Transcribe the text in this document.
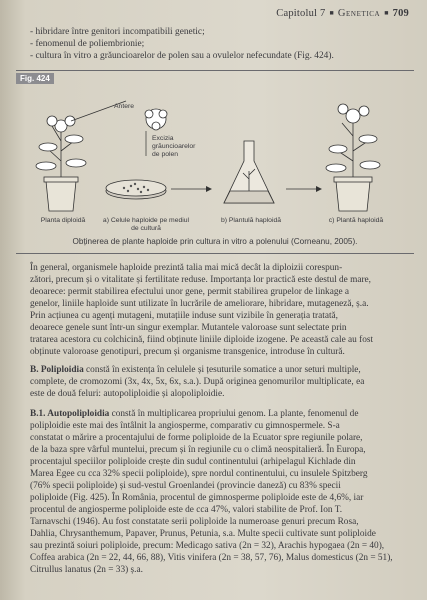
Capitolul 7 ■ Genetica ■ 709
- hibridare între genitori incompatibili genetic;
- fenomenul de poliembrionie;
- cultura în vitro a grăuncioarelor de polen sau a ovulelor nefecundate (Fig. 424).
Fig. 424
Antere
Excizia
grăuncioarelor
de polen
Planta diploidă	a) Celule haploide pe mediul
de cultură
b) Plantulă haploidă	c) Plantă haploidă
Obținerea de plante haploide prin cultura in vitro a polenului (Corneanu, 2005).
În general, organismele haploide prezintă talia mai mică decât la diploizii corespun-
zători, precum și o vitalitate și fertilitate reduse. Importanța lor practică este destul de mare,
deoarece: permit stabilirea efectului unor gene, permit stabilirea grupelor de linkage a
genelor, liniile haploide sunt utilizate în lucrările de ameliorare, hibridare, mutageneză, ș.a.
Prin acțiunea cu agenți mutageni, mutațiile induse sunt vizibile în generația tratată,
deoarece genele sunt într-un singur exemplar. Mutantele valoroase sunt selectate prin
tratarea acestora cu colchicină, fiind obținute liniile diploide izogene. Pe această cale au fost
obținute valoroase genotipuri, precum și organisme transgenice, introduse în cultură.
B. Poliploidia constă în existența în celulele și țesuturile somatice a unor seturi multiple,
complete, de cromozomi (3x, 4x, 5x, 6x, s.a.). După originea genomurilor multiplicate, ea
este de două feluri: autopoliploidie și alopoliploidie.
B.1. Autopoliploidia constă în multiplicarea propriului genom. La plante, fenomenul de
poliploidie este mai des întâlnit la angiosperme, comparativ cu gimnospermele. S-a
constatat o mărire a procentajului de forme poliploide de la Ecuator spre regiunile polare,
de la baza spre vârful muntelui, precum și în regiunile cu o climă neospitalieră. În Europa,
procentajul speciilor poliploide crește din sudul continentului (arhipelagul Kichlade din
Marea Egee cu cca 32% specii poliploide), spre nordul continentului, cu insulele Spitzberg
(76% specii poliploide) și sud-vestul Groenlandei (provincie daneză) cu 83% specii
poliploide (Fig. 425). În România, procentul de gimnosperme poliploide este de 4,6%, iar
procentul de angiosperme poliploide este de cca 47%, valori stabilite de Prof. Ion T.
Tarnavschi (1946). Au fost constatate serii poliploide la numeroase genuri precum Rosa,
Dahlia, Chrysanthemum, Papaver, Prunus, Petunia, s.a. Multe specii cultivate sunt poliploide
sau prezintă soiuri poliploide, precum: Medicago sativa (2n = 32), Arachis hypogaea (2n = 40),
Coffea arabica (2n = 22, 44, 66, 88), Vitis vinifera (2n = 38, 57, 76), Malus domesticus (2n = 51),
Citrullus lanatus (2n = 33) ș.a.
